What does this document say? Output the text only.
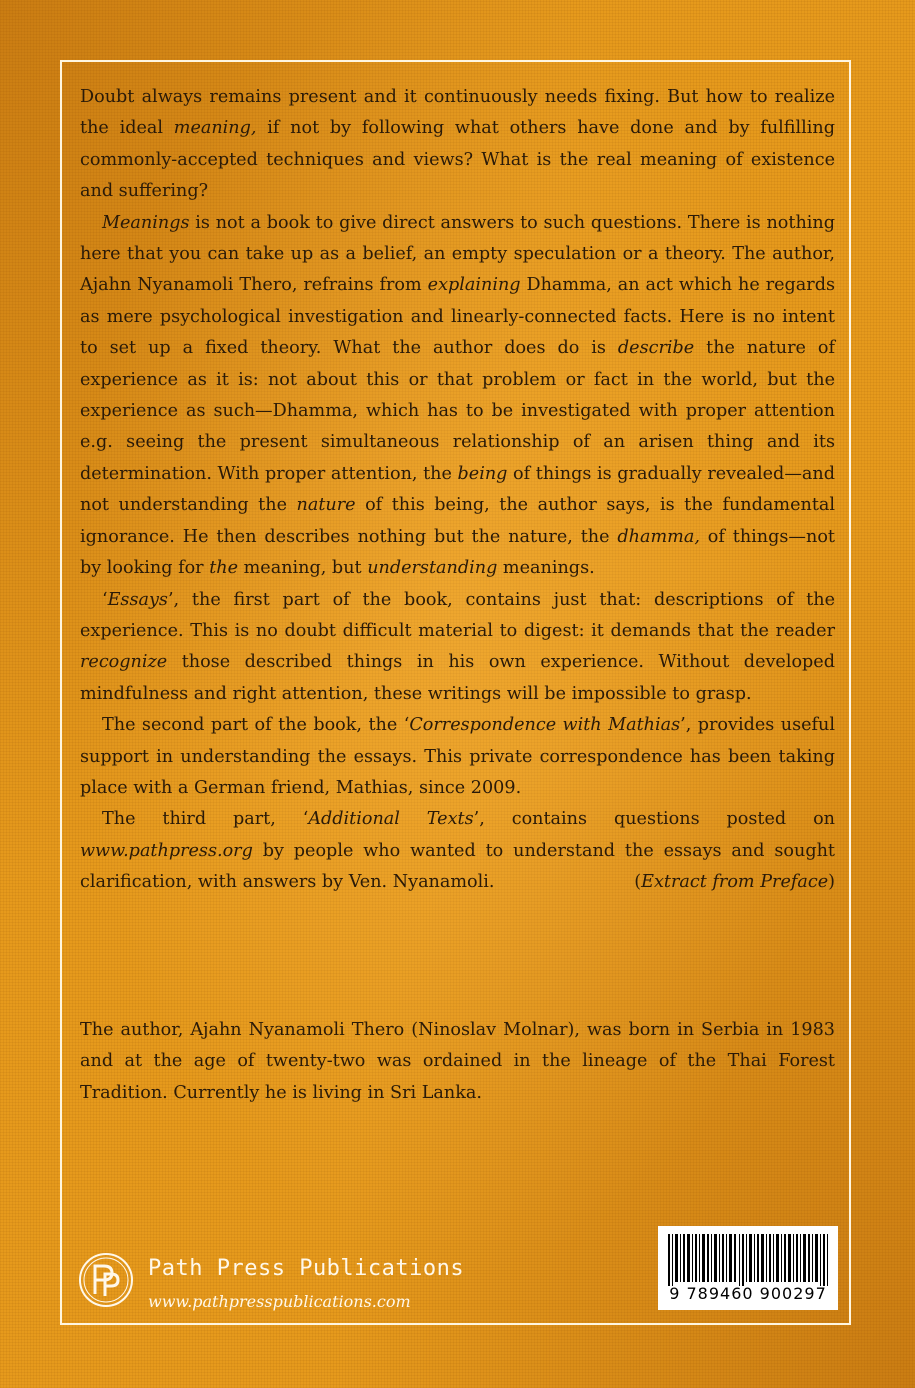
Doubt always remains present and it continuously needs fixing. But how to realize the ideal meaning, if not by following what others have done and by fulfilling commonly-accepted techniques and views? What is the real meaning of existence and suffering?

Meanings is not a book to give direct answers to such questions. There is nothing here that you can take up as a belief, an empty speculation or a theory. The author, Ajahn Nyanamoli Thero, refrains from explaining Dhamma, an act which he regards as mere psychological investigation and linearly-connected facts. Here is no intent to set up a fixed theory. What the author does do is describe the nature of experience as it is: not about this or that problem or fact in the world, but the experience as such—Dhamma, which has to be investigated with proper attention e.g. seeing the present simultaneous relationship of an arisen thing and its determination. With proper attention, the being of things is gradually revealed—and not understanding the nature of this being, the author says, is the fundamental ignorance. He then describes nothing but the nature, the dhamma, of things—not by looking for the meaning, but understanding meanings.

‘Essays’, the first part of the book, contains just that: descriptions of the experience. This is no doubt difficult material to digest: it demands that the reader recognize those described things in his own experience. Without developed mindfulness and right attention, these writings will be impossible to grasp.

The second part of the book, the ‘Correspondence with Mathias’, provides useful support in understanding the essays. This private correspondence has been taking place with a German friend, Mathias, since 2009.

The third part, ‘Additional Texts’, contains questions posted on www.pathpress.org by people who wanted to understand the essays and sought clarification, with answers by Ven. Nyanamoli.	(Extract from Preface)

The author, Ajahn Nyanamoli Thero (Ninoslav Molnar), was born in Serbia in 1983 and at the age of twenty-two was ordained in the lineage of the Thai Forest Tradition. Currently he is living in Sri Lanka.

Path Press Publications
www.pathpresspublications.com	9 789460 900297
